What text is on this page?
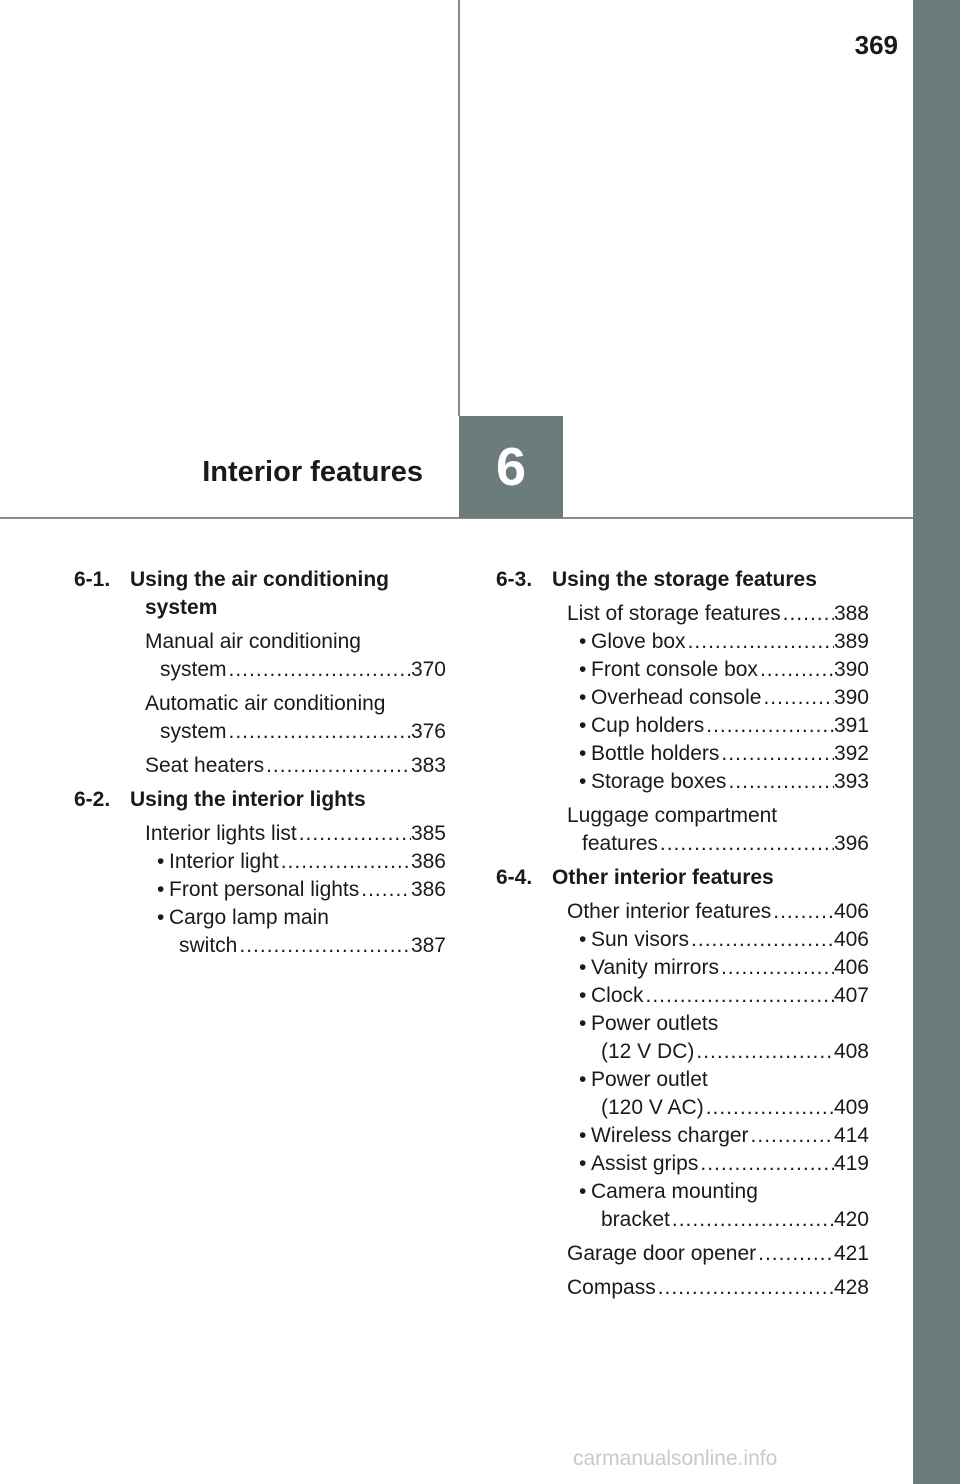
369
Interior features 6
6-1. Using the air conditioning system
Manual air conditioning
system .....	370
Automatic air conditioning
system .....	376
Seat heaters .....	383
6-2. Using the interior lights
Interior lights list .....	385
• Interior light .....	386
• Front personal lights ..... 386
• Cargo lamp main
switch .....	387
6-3. Using the storage features
List of storage features .....	388
• Glove box .....	389
• Front console box .....	390
• Overhead console .....	390
• Cup holders .....	391
• Bottle holders .....	392
• Storage boxes .....	393
Luggage compartment
features .....	396
6-4. Other interior features
Other interior features .....	406
• Sun visors .....	406
• Vanity mirrors .....	406
• Clock .....	407
• Power outlets
(12 V DC) .....	408
• Power outlet
(120 V AC) .....	409
• Wireless charger .....	414
• Assist grips .....	419
• Camera mounting
bracket .....	420
Garage door opener .....	421
Compass .....	428
carmanualsonline.info
